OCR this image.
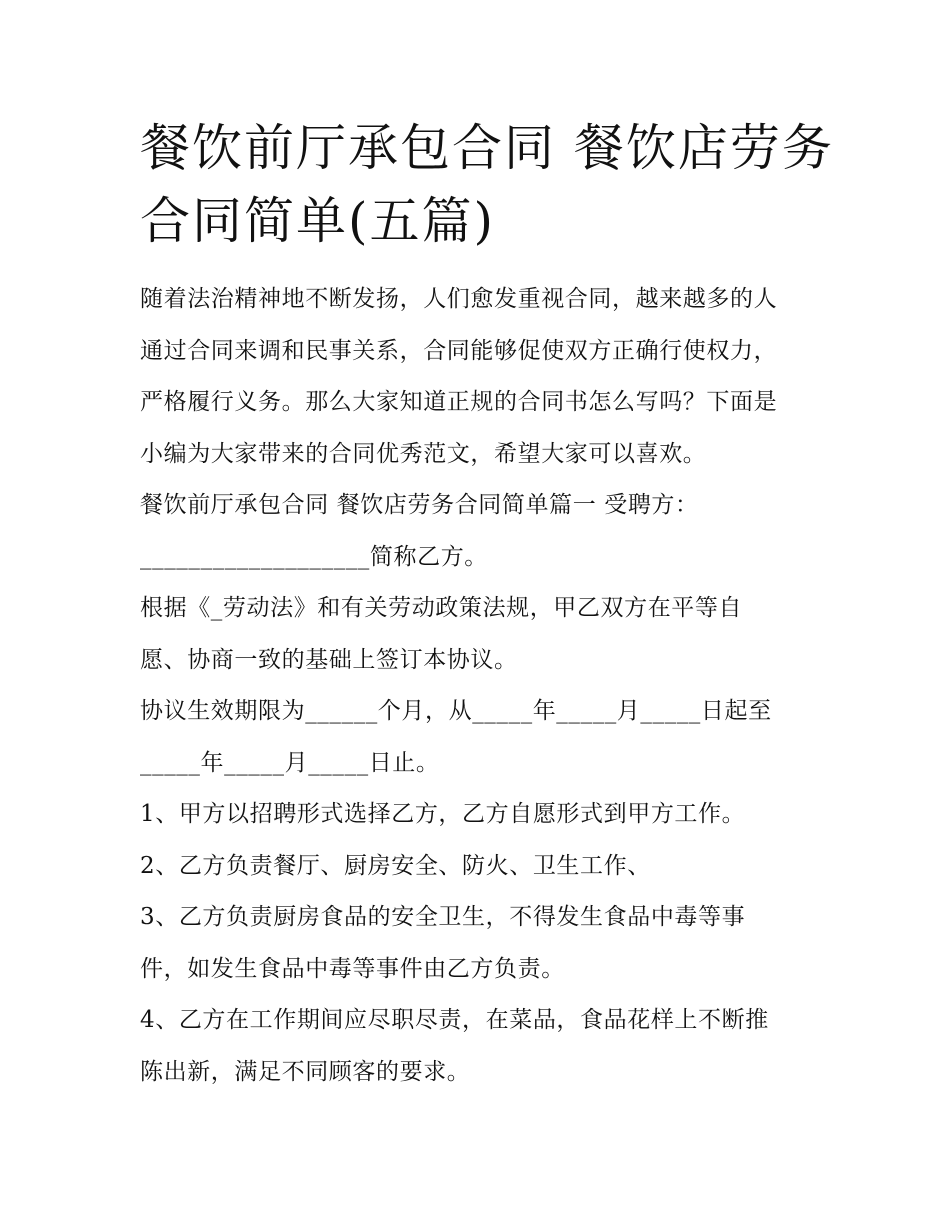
餐饮前厅承包合同 餐饮店劳务
合同简单(五篇)
随着法治精神地不断发扬，人们愈发重视合同，越来越多的人
通过合同来调和民事关系，合同能够促使双方正确行使权力，
严格履行义务。那么大家知道正规的合同书怎么写吗？下面是
小编为大家带来的合同优秀范文，希望大家可以喜欢。
餐饮前厅承包合同 餐饮店劳务合同简单篇一 受聘方：
___________________简称乙方。
根据《_劳动法》和有关劳动政策法规，甲乙双方在平等自
愿、协商一致的基础上签订本协议。
协议生效期限为______个月，从_____年_____月_____日起至
_____年_____月_____日止。
1、甲方以招聘形式选择乙方，乙方自愿形式到甲方工作。
2、乙方负责餐厅、厨房安全、防火、卫生工作、
3、乙方负责厨房食品的安全卫生，不得发生食品中毒等事
件，如发生食品中毒等事件由乙方负责。
4、乙方在工作期间应尽职尽责，在菜品，食品花样上不断推
陈出新，满足不同顾客的要求。
